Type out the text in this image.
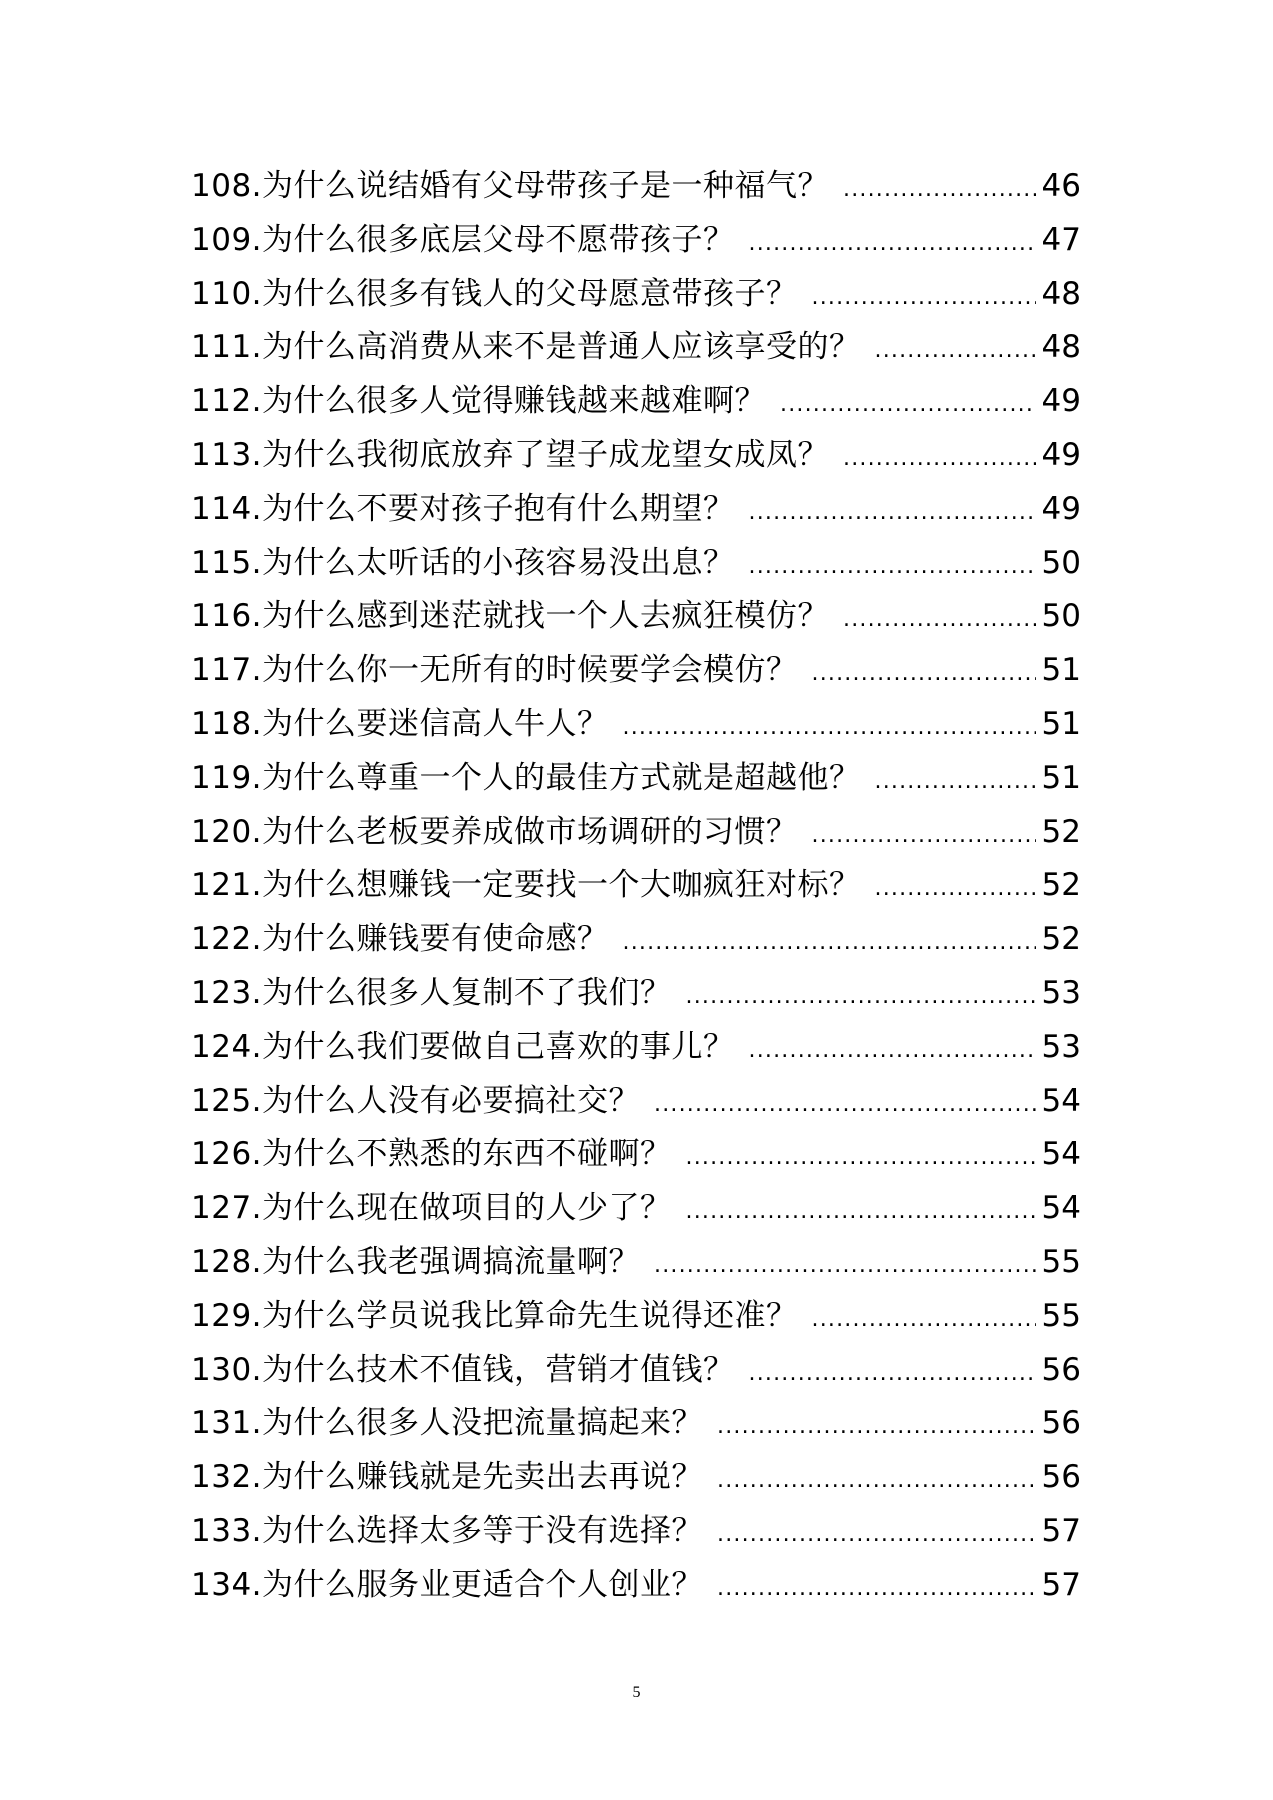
108.为什么说结婚有父母带孩子是一种福气？ .....	46
109.为什么很多底层父母不愿带孩子？ .....	47
110.为什么很多有钱人的父母愿意带孩子？ .....	48
111.为什么高消费从来不是普通人应该享受的？ .....	48
112.为什么很多人觉得赚钱越来越难啊？ .....	49
113.为什么我彻底放弃了望子成龙望女成凤？ .....	49
114.为什么不要对孩子抱有什么期望？ .....	49
115.为什么太听话的小孩容易没出息？ .....	50
116.为什么感到迷茫就找一个人去疯狂模仿？ .....	50
117.为什么你一无所有的时候要学会模仿？ .....	51
118.为什么要迷信高人牛人？ .....	51
119.为什么尊重一个人的最佳方式就是超越他？ .....	51
120.为什么老板要养成做市场调研的习惯？ .....	52
121.为什么想赚钱一定要找一个大咖疯狂对标？ .....	52
122.为什么赚钱要有使命感？ .....	52
123.为什么很多人复制不了我们？ .....	53
124.为什么我们要做自己喜欢的事儿？ .....	53
125.为什么人没有必要搞社交？ .....	54
126.为什么不熟悉的东西不碰啊？ .....	54
127.为什么现在做项目的人少了？ .....	54
128.为什么我老强调搞流量啊？ .....	55
129.为什么学员说我比算命先生说得还准？ .....	55
130.为什么技术不值钱，营销才值钱？ .....	56
131.为什么很多人没把流量搞起来？ .....	56
132.为什么赚钱就是先卖出去再说？ .....	56
133.为什么选择太多等于没有选择？ .....	57
134.为什么服务业更适合个人创业？ .....	57
5
